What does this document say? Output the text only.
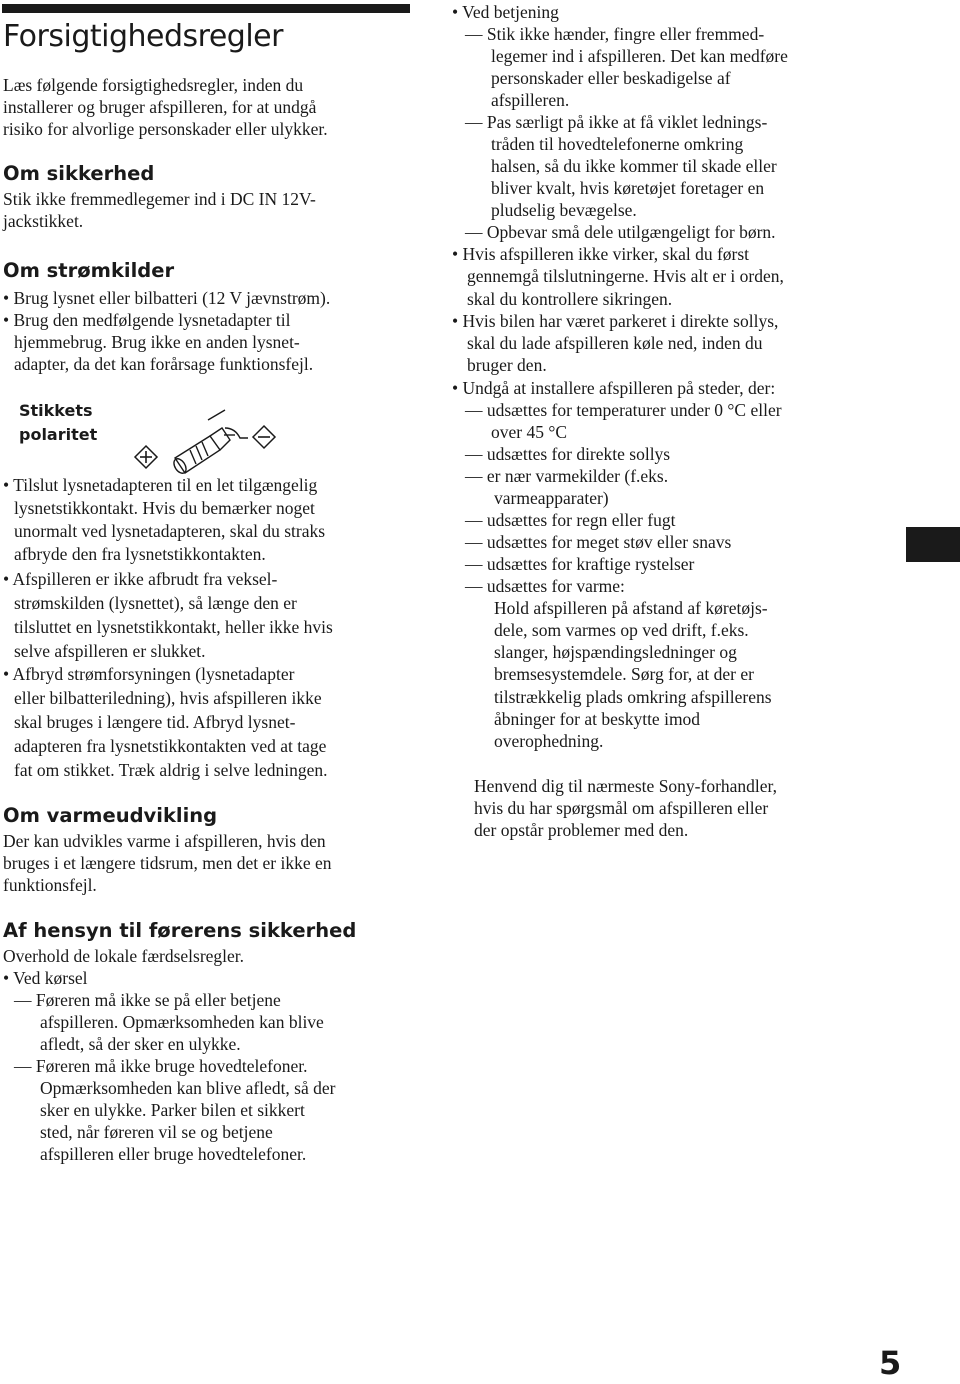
Forsigtighedsregler
Læs følgende forsigtighedsregler, inden du
installerer og bruger afspilleren, for at undgå
risiko for alvorlige personskader eller ulykker.
Om sikkerhed
Stik ikke fremmedlegemer ind i DC IN 12V-
jackstikket.
Om strømkilder
• Brug lysnet eller bilbatteri (12 V jævnstrøm).
• Brug den medfølgende lysnetadapter til
hjemmebrug. Brug ikke en anden lysnet-
adapter, da det kan forårsage funktionsfejl.
Stikkets
polaritet
• Tilslut lysnetadapteren til en let tilgængelig
lysnetstikkontakt. Hvis du bemærker noget
unormalt ved lysnetadapteren, skal du straks
afbryde den fra lysnetstikkontakten.
• Afspilleren er ikke afbrudt fra veksel-
strømskilden (lysnettet), så længe den er
tilsluttet en lysnetstikkontakt, heller ikke hvis
selve afspilleren er slukket.
• Afbryd strømforsyningen (lysnetadapter
eller bilbatteriledning), hvis afspilleren ikke
skal bruges i længere tid. Afbryd lysnet-
adapteren fra lysnetstikkontakten ved at tage
fat om stikket. Træk aldrig i selve ledningen.
Om varmeudvikling
Der kan udvikles varme i afspilleren, hvis den
bruges i et længere tidsrum, men det er ikke en
funktionsfejl.
Af hensyn til førerens sikkerhed
Overhold de lokale færdselsregler.
• Ved kørsel
— Føreren må ikke se på eller betjene
afspilleren. Opmærksomheden kan blive
afledt, så der sker en ulykke.
— Føreren må ikke bruge hovedtelefoner.
Opmærksomheden kan blive afledt, så der
sker en ulykke. Parker bilen et sikkert
sted, når føreren vil se og betjene
afspilleren eller bruge hovedtelefoner.
• Ved betjening
— Stik ikke hænder, fingre eller fremmed-
legemer ind i afspilleren. Det kan medføre
personskader eller beskadigelse af
afspilleren.
— Pas særligt på ikke at få viklet lednings-
tråden til hovedtelefonerne omkring
halsen, så du ikke kommer til skade eller
bliver kvalt, hvis køretøjet foretager en
pludselig bevægelse.
— Opbevar små dele utilgængeligt for børn.
• Hvis afspilleren ikke virker, skal du først
gennemgå tilslutningerne. Hvis alt er i orden,
skal du kontrollere sikringen.
• Hvis bilen har været parkeret i direkte sollys,
skal du lade afspilleren køle ned, inden du
bruger den.
• Undgå at installere afspilleren på steder, der:
— udsættes for temperaturer under 0 °C eller
over 45 °C
— udsættes for direkte sollys
— er nær varmekilder (f.eks.
varmeapparater)
— udsættes for regn eller fugt
— udsættes for meget støv eller snavs
— udsættes for kraftige rystelser
— udsættes for varme:
Hold afspilleren på afstand af køretøjs-
dele, som varmes op ved drift, f.eks.
slanger, højspændingsledninger og
bremsesystemdele. Sørg for, at der er
tilstrækkelig plads omkring afspillerens
åbninger for at beskytte imod
overophedning.
Henvend dig til nærmeste Sony-forhandler,
hvis du har spørgsmål om afspilleren eller
der opstår problemer med den.
5
